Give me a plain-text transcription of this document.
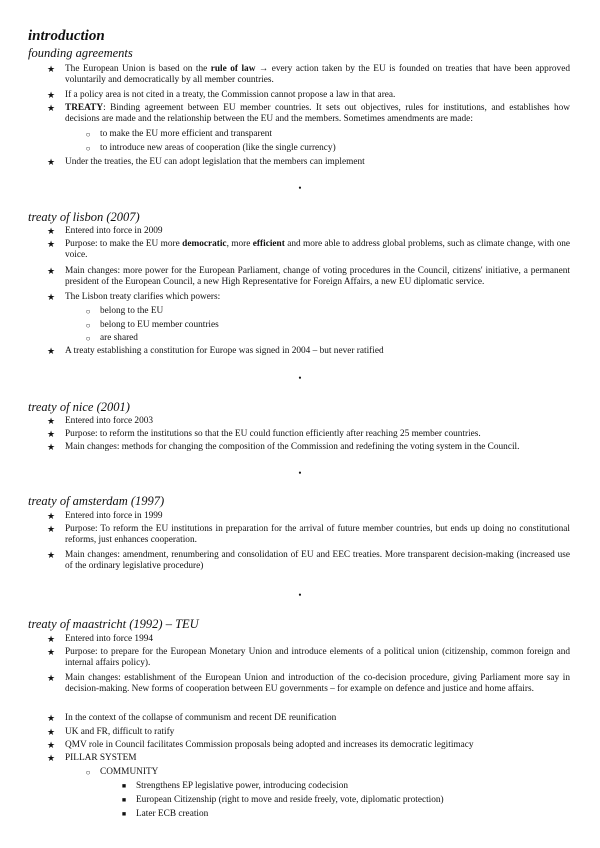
introduction
founding agreements
★ The European Union is based on the rule of law → every action taken by the EU is founded on treaties that have been approved voluntarily and democratically by all member countries.
★ If a policy area is not cited in a treaty, the Commission cannot propose a law in that area.
★ TREATY: Binding agreement between EU member countries. It sets out objectives, rules for institutions, and establishes how decisions are made and the relationship between the EU and the members. Sometimes amendments are made:
○	to make the EU more efficient and transparent
○	to introduce new areas of cooperation (like the single currency)
★ Under the treaties, the EU can adopt legislation that the members can implement
•
treaty of lisbon (2007)
★ Entered into force in 2009
★ Purpose: to make the EU more democratic, more efficient and more able to address global problems, such as climate change, with one voice.
★ Main changes: more power for the European Parliament, change of voting procedures in the Council, citizens' initiative, a permanent president of the European Council, a new High Representative for Foreign Affairs, a new EU diplomatic service.
★ The Lisbon treaty clarifies which powers:
○	belong to the EU
○	belong to EU member countries
○	are shared
★ A treaty establishing a constitution for Europe was signed in 2004 – but never ratified
•
treaty of nice (2001)
★ Entered into force 2003
★ Purpose: to reform the institutions so that the EU could function efficiently after reaching 25 member countries.
★ Main changes: methods for changing the composition of the Commission and redefining the voting system in the Council.
•
treaty of amsterdam (1997)
★ Entered into force in 1999
★ Purpose: To reform the EU institutions in preparation for the arrival of future member countries, but ends up doing no constitutional reforms, just enhances cooperation.
★ Main changes: amendment, renumbering and consolidation of EU and EEC treaties. More transparent decision-making (increased use of the ordinary legislative procedure)
•
treaty of maastricht (1992) – TEU
★ Entered into force 1994
★ Purpose: to prepare for the European Monetary Union and introduce elements of a political union (citizenship, common foreign and internal affairs policy).
★ Main changes: establishment of the European Union and introduction of the co-decision procedure, giving Parliament more say in decision-making. New forms of cooperation between EU governments – for example on defence and justice and home affairs.
★ In the context of the collapse of communism and recent DE reunification
★ UK and FR, difficult to ratify
★ QMV role in Council facilitates Commission proposals being adopted and increases its democratic legitimacy
★ PILLAR SYSTEM
○	COMMUNITY
■	Strengthens EP legislative power, introducing codecision
■	European Citizenship (right to move and reside freely, vote, diplomatic protection)
■	Later ECB creation
